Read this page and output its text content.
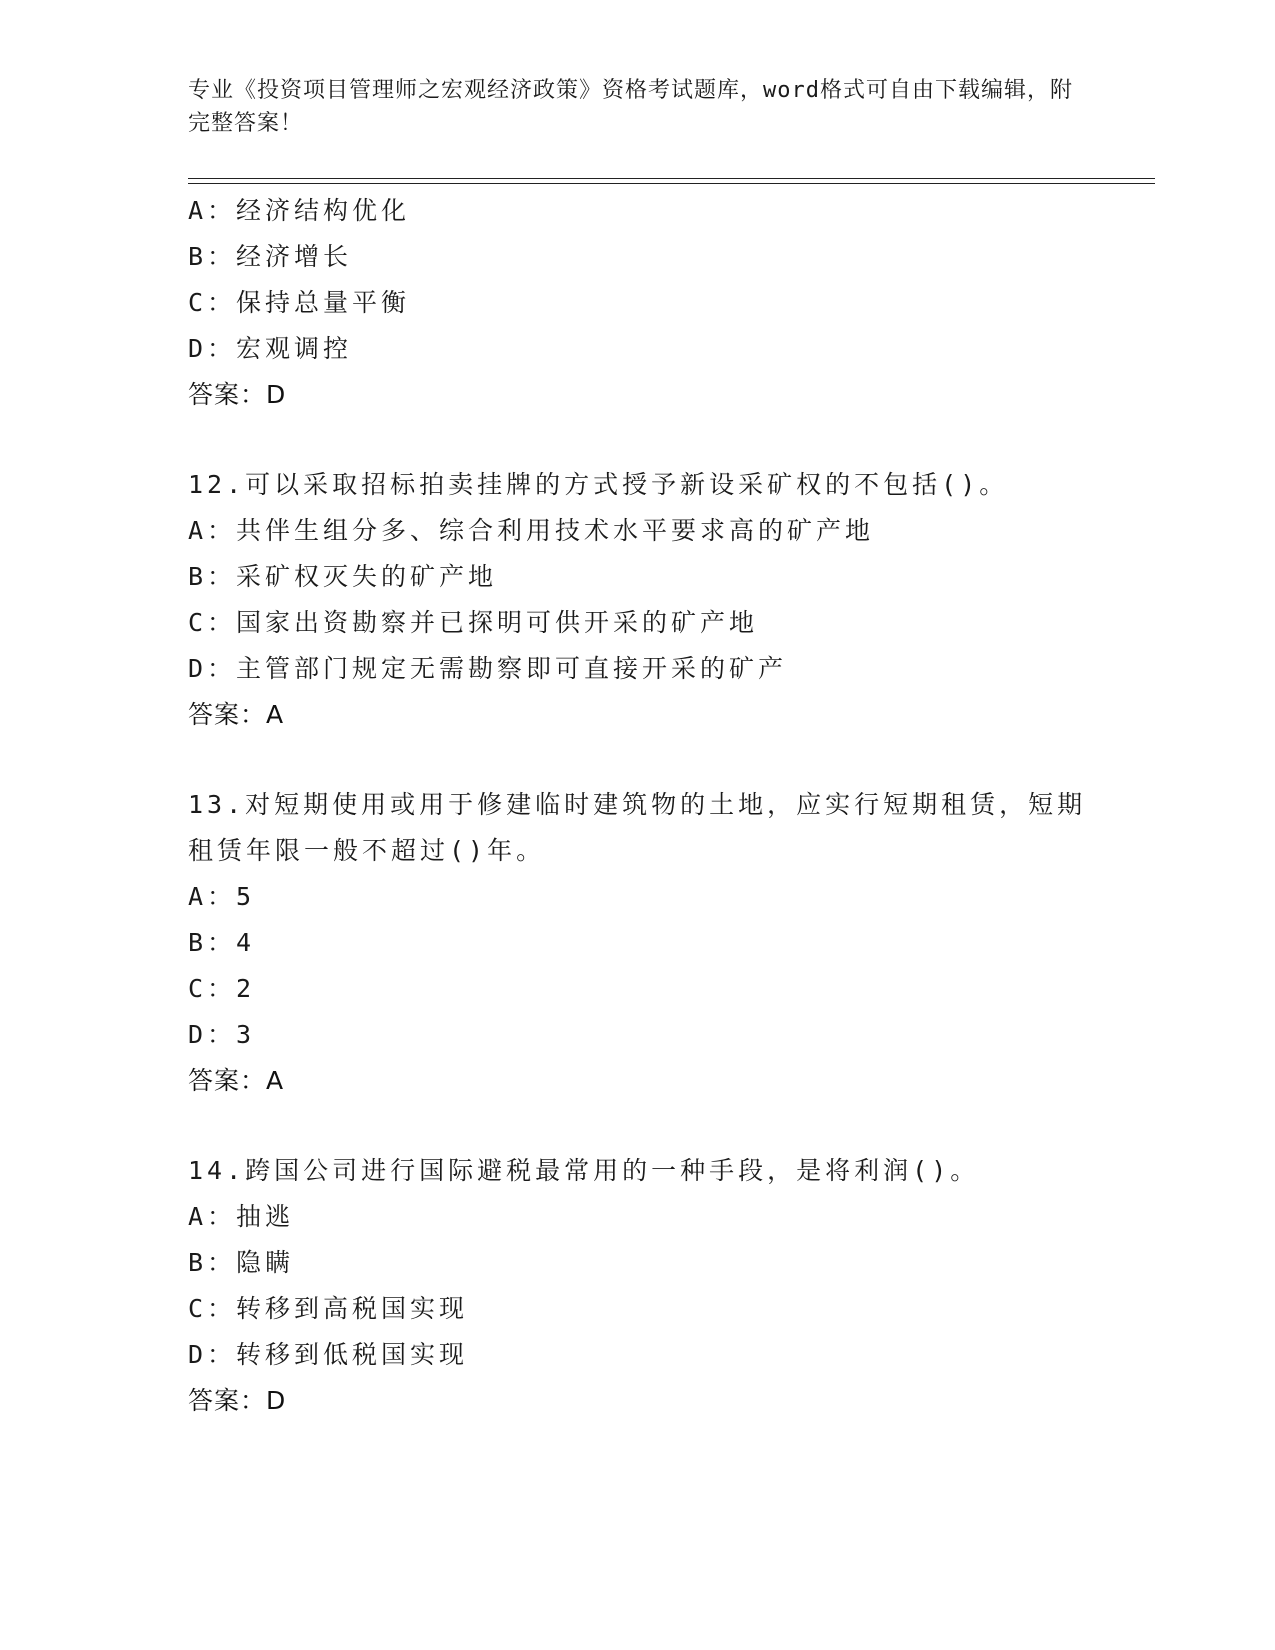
专业《投资项目管理师之宏观经济政策》资格考试题库，word格式可自由下载编辑，附完整答案！
A：经济结构优化
B：经济增长
C：保持总量平衡
D：宏观调控
答案：D
12.可以采取招标拍卖挂牌的方式授予新设采矿权的不包括()。
A：共伴生组分多、综合利用技术水平要求高的矿产地
B：采矿权灭失的矿产地
C：国家出资勘察并已探明可供开采的矿产地
D：主管部门规定无需勘察即可直接开采的矿产
答案：A
13.对短期使用或用于修建临时建筑物的土地，应实行短期租赁，短期租赁年限一般不超过()年。
A：5
B：4
C：2
D：3
答案：A
14.跨国公司进行国际避税最常用的一种手段，是将利润()。
A：抽逃
B：隐瞒
C：转移到高税国实现
D：转移到低税国实现
答案：D
